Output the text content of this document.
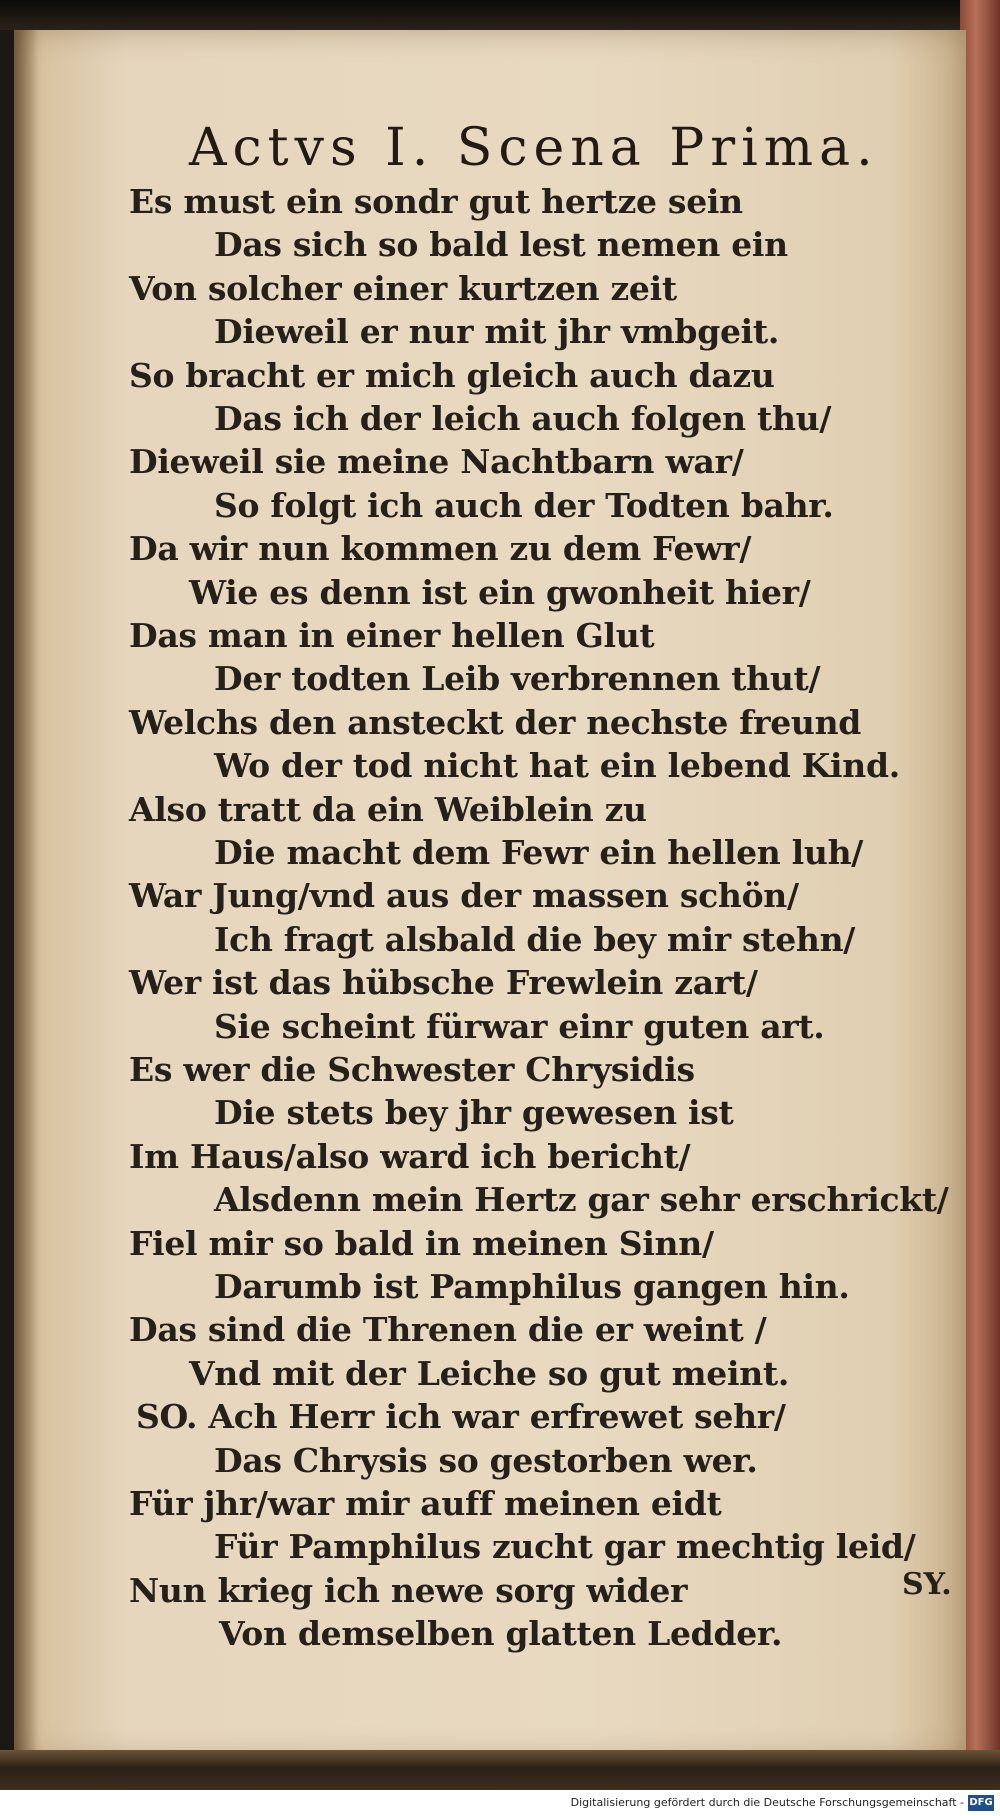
Actvs I. Scena Prima.
Es must ein sondr gut hertze sein
Das sich so bald lest nemen ein
Von solcher einer kurtzen zeit
Dieweil er nur mit jhr vmbgeit.
So bracht er mich gleich auch dazu
Das ich der leich auch folgen thu/
Dieweil sie meine Nachtbarn war/
So folgt ich auch der Todten bahr.
Da wir nun kommen zu dem Fewr/
Wie es denn ist ein gwonheit hier/
Das man in einer hellen Glut
Der todten Leib verbrennen thut/
Welchs den ansteckt der nechste freund
Wo der tod nicht hat ein lebend Kind.
Also tratt da ein Weiblein zu
Die macht dem Fewr ein hellen luh/
War Jung/vnd aus der massen schön/
Ich fragt alsbald die bey mir stehn/
Wer ist das hübsche Frewlein zart/
Sie scheint fürwar einr guten art.
Es wer die Schwester Chrysidis
Die stets bey jhr gewesen ist
Im Haus/also ward ich bericht/
Alsdenn mein Hertz gar sehr erschrickt/
Fiel mir so bald in meinen Sinn/
Darumb ist Pamphilus gangen hin.
Das sind die Threnen die er weint /
Vnd mit der Leiche so gut meint.
SO. Ach Herr ich war erfrewet sehr/
Das Chrysis so gestorben wer.
Für jhr/war mir auff meinen eidt
Für Pamphilus zucht gar mechtig leid/
Nun krieg ich newe sorg wider
Von demselben glatten Ledder.
SY.
Digitalisierung gefördert durch die Deutsche Forschungsgemeinschaft - DFG
